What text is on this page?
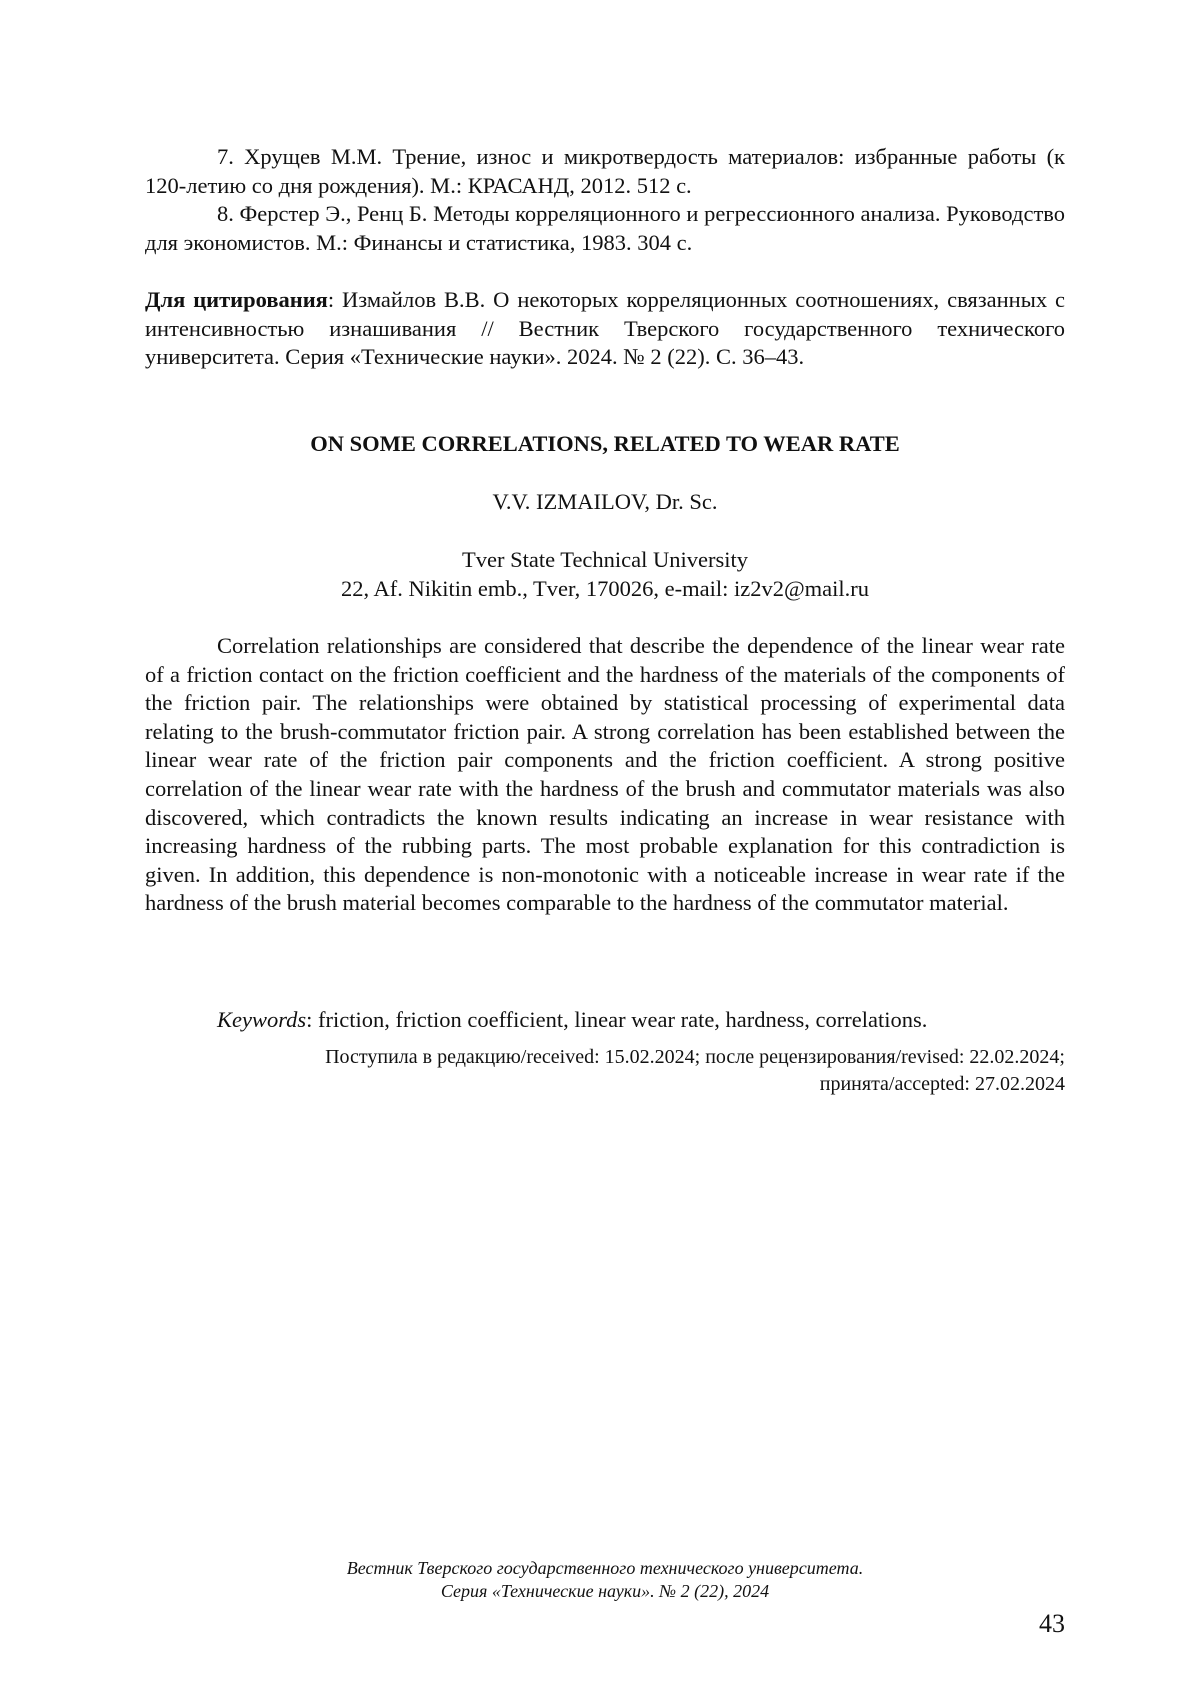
7. Хрущев М.М. Трение, износ и микротвердость материалов: избранные работы (к 120-летию со дня рождения). М.: КРАСАНД, 2012. 512 с.

8. Ферстер Э., Ренц Б. Методы корреляционного и регрессионного анализа. Руководство для экономистов. М.: Финансы и статистика, 1983. 304 с.

Для цитирования: Измайлов В.В. О некоторых корреляционных соотношениях, связанных с интенсивностью изнашивания // Вестник Тверского государственного технического университета. Серия «Технические науки». 2024. № 2 (22). С. 36–43.

ON SOME CORRELATIONS, RELATED TO WEAR RATE

V.V. IZMAILOV, Dr. Sc.

Tver State Technical University
22, Af. Nikitin emb., Tver, 170026, e-mail: iz2v2@mail.ru

Correlation relationships are considered that describe the dependence of the linear wear rate of a friction contact on the friction coefficient and the hardness of the materials of the components of the friction pair. The relationships were obtained by statistical processing of experimental data relating to the brush-commutator friction pair. A strong correlation has been established between the linear wear rate of the friction pair components and the friction coefficient. A strong positive correlation of the linear wear rate with the hardness of the brush and commutator materials was also discovered, which contradicts the known results indicating an increase in wear resistance with increasing hardness of the rubbing parts. The most probable explanation for this contradiction is given. In addition, this dependence is non-monotonic with a noticeable increase in wear rate if the hardness of the brush material becomes comparable to the hardness of the commutator material.

Keywords: friction, friction coefficient, linear wear rate, hardness, correlations.

Поступила в редакцию/received: 15.02.2024; после рецензирования/revised: 22.02.2024;
принята/accepted: 27.02.2024
Вестник Тверского государственного технического университета.
Серия «Технические науки». № 2 (22), 2024
43
